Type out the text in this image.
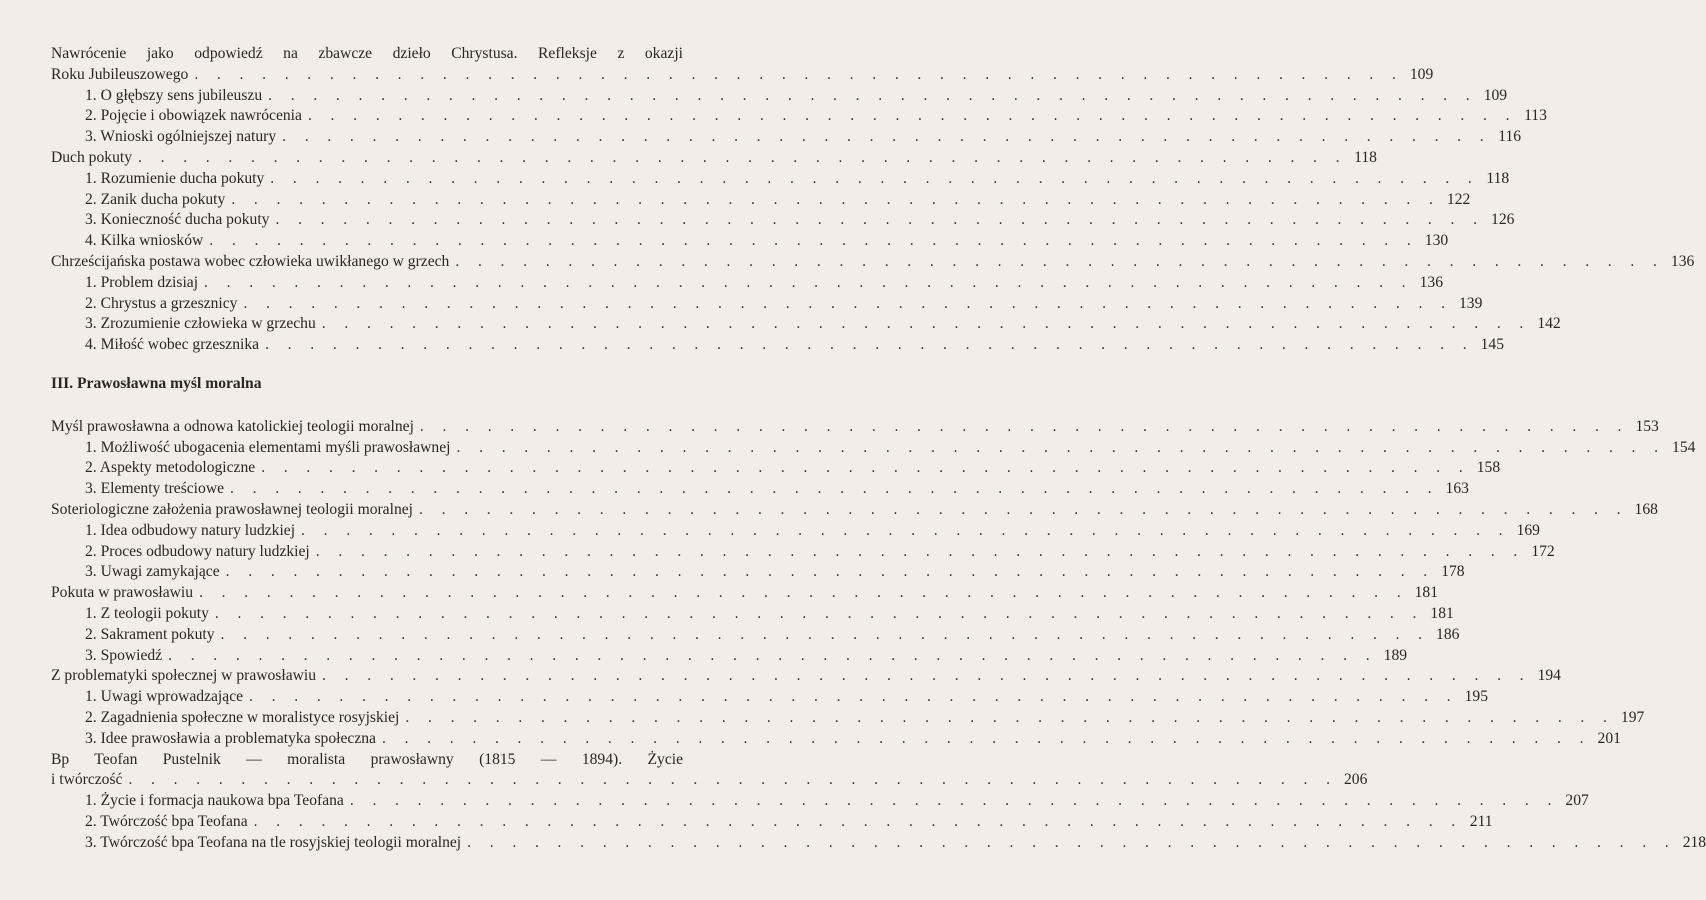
Nawrócenie jako odpowiedź na zbawcze dzieło Chrystusa. Refleksje z okazji
Roku Jubileuszowego . . . . . . . . . . . . . . . . . . . . . . . . . . . . . . . . . . . . . . . . . . . . . . . . . . . . . . 109
1. O głębszy sens jubileuszu . . . . . . . . . . . . . . . . . . . . . . . . . . . . . . . . . . . . . . . . . . . . . . . . . . . . . . 109
2. Pojęcie i obowiązek nawrócenia . . . . . . . . . . . . . . . . . . . . . . . . . . . . . . . . . . . . . . . . . . . . . . . . . . . . . . 113
3. Wnioski ogólniejszej natury . . . . . . . . . . . . . . . . . . . . . . . . . . . . . . . . . . . . . . . . . . . . . . . . . . . . . . 116
Duch pokuty . . . . . . . . . . . . . . . . . . . . . . . . . . . . . . . . . . . . . . . . . . . . . . . . . . . . . . 118
1. Rozumienie ducha pokuty . . . . . . . . . . . . . . . . . . . . . . . . . . . . . . . . . . . . . . . . . . . . . . . . . . . . . . 118
2. Zanik ducha pokuty . . . . . . . . . . . . . . . . . . . . . . . . . . . . . . . . . . . . . . . . . . . . . . . . . . . . . . 122
3. Konieczność ducha pokuty . . . . . . . . . . . . . . . . . . . . . . . . . . . . . . . . . . . . . . . . . . . . . . . . . . . . . . 126
4. Kilka wniosków . . . . . . . . . . . . . . . . . . . . . . . . . . . . . . . . . . . . . . . . . . . . . . . . . . . . . . 130
Chrześcijańska postawa wobec człowieka uwikłanego w grzech . . . . . . . . . . . . . . . . . . . . . . . . . . . . . . . . . . . . . . . . . . . . . . . . . . . . . . 136
1. Problem dzisiaj . . . . . . . . . . . . . . . . . . . . . . . . . . . . . . . . . . . . . . . . . . . . . . . . . . . . . . 136
2. Chrystus a grzesznicy . . . . . . . . . . . . . . . . . . . . . . . . . . . . . . . . . . . . . . . . . . . . . . . . . . . . . . 139
3. Zrozumienie człowieka w grzechu . . . . . . . . . . . . . . . . . . . . . . . . . . . . . . . . . . . . . . . . . . . . . . . . . . . . . . 142
4. Miłość wobec grzesznika . . . . . . . . . . . . . . . . . . . . . . . . . . . . . . . . . . . . . . . . . . . . . . . . . . . . . . 145
III. Prawosławna myśl moralna
Myśl prawosławna a odnowa katolickiej teologii moralnej . . . . . . . . . . . . . . . . . . . . . . . . . . . . . . . . . . . . . . . . . . . . . . . . . . . . . . 153
1. Możliwość ubogacenia elementami myśli prawosławnej . . . . . . . . . . . . . . . . . . . . . . . . . . . . . . . . . . . . . . . . . . . . . . . . . . . . . . 154
2. Aspekty metodologiczne . . . . . . . . . . . . . . . . . . . . . . . . . . . . . . . . . . . . . . . . . . . . . . . . . . . . . . 158
3. Elementy treściowe . . . . . . . . . . . . . . . . . . . . . . . . . . . . . . . . . . . . . . . . . . . . . . . . . . . . . . 163
Soteriologiczne założenia prawosławnej teologii moralnej . . . . . . . . . . . . . . . . . . . . . . . . . . . . . . . . . . . . . . . . . . . . . . . . . . . . . . 168
1. Idea odbudowy natury ludzkiej . . . . . . . . . . . . . . . . . . . . . . . . . . . . . . . . . . . . . . . . . . . . . . . . . . . . . . 169
2. Proces odbudowy natury ludzkiej . . . . . . . . . . . . . . . . . . . . . . . . . . . . . . . . . . . . . . . . . . . . . . . . . . . . . . 172
3. Uwagi zamykające . . . . . . . . . . . . . . . . . . . . . . . . . . . . . . . . . . . . . . . . . . . . . . . . . . . . . . 178
Pokuta w prawosławiu . . . . . . . . . . . . . . . . . . . . . . . . . . . . . . . . . . . . . . . . . . . . . . . . . . . . . . 181
1. Z teologii pokuty . . . . . . . . . . . . . . . . . . . . . . . . . . . . . . . . . . . . . . . . . . . . . . . . . . . . . . 181
2. Sakrament pokuty . . . . . . . . . . . . . . . . . . . . . . . . . . . . . . . . . . . . . . . . . . . . . . . . . . . . . . 186
3. Spowiedź . . . . . . . . . . . . . . . . . . . . . . . . . . . . . . . . . . . . . . . . . . . . . . . . . . . . . . 189
Z problematyki społecznej w prawosławiu . . . . . . . . . . . . . . . . . . . . . . . . . . . . . . . . . . . . . . . . . . . . . . . . . . . . . . 194
1. Uwagi wprowadzające . . . . . . . . . . . . . . . . . . . . . . . . . . . . . . . . . . . . . . . . . . . . . . . . . . . . . . 195
2. Zagadnienia społeczne w moralistyce rosyjskiej . . . . . . . . . . . . . . . . . . . . . . . . . . . . . . . . . . . . . . . . . . . . . . . . . . . . . . 197
3. Idee prawosławia a problematyka społeczna . . . . . . . . . . . . . . . . . . . . . . . . . . . . . . . . . . . . . . . . . . . . . . . . . . . . . . 201
Bp Teofan Pustelnik — moralista prawosławny (1815 — 1894). Życie
i twórczość . . . . . . . . . . . . . . . . . . . . . . . . . . . . . . . . . . . . . . . . . . . . . . . . . . . . . . 206
1. Życie i formacja naukowa bpa Teofana . . . . . . . . . . . . . . . . . . . . . . . . . . . . . . . . . . . . . . . . . . . . . . . . . . . . . . 207
2. Twórczość bpa Teofana . . . . . . . . . . . . . . . . . . . . . . . . . . . . . . . . . . . . . . . . . . . . . . . . . . . . . . 211
3. Twórczość bpa Teofana na tle rosyjskiej teologii moralnej . . . . . . . . . . . . . . . . . . . . . . . . . . . . . . . . . . . . . . . . . . . . . . . . . . . . . . 218
